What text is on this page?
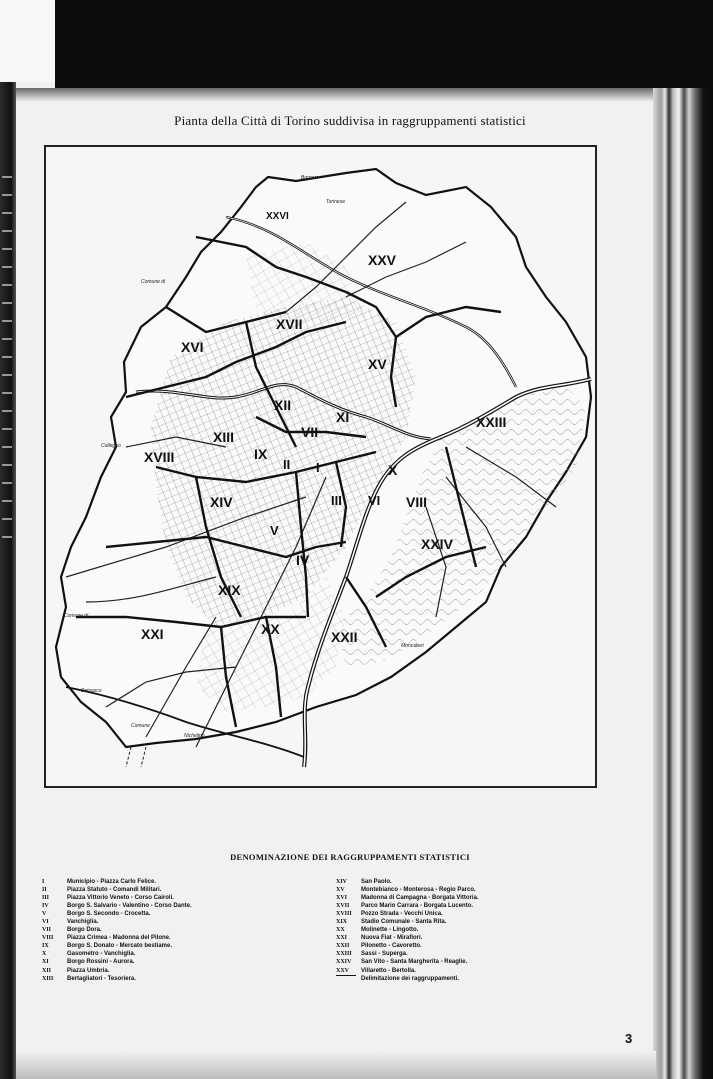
Pianta della Città di Torino suddivisa in raggruppamenti statistici
Borgaro
Torinese
Comune di
Collegno
Comune di
Beinasco
Comune
Nichelino
Moncalieri
XXVI
XXV
XVII
XVI
XV
XII
XI
VII
XIII
IX
II I
XVIII
X
III VI VIII
XXIII
XIV
V
IV
XXIV
XIX
XXI	XX	XXII
DENOMINAZIONE DEI RAGGRUPPAMENTI STATISTICI
I	Municipio - Piazza Carlo Felice.
II	Piazza Statuto - Comandi Militari.
III	Piazza Vittorio Veneto - Corso Cairoli.
IV	Borgo S. Salvario - Valentino - Corso Dante.
V	Borgo S. Secondo - Crocetta.
VI	Vanchiglia.
VII	Borgo Dora.
VIII	Piazza Crimea - Madonna del Pilone.
IX	Borgo S. Donato - Mercato bestiame.
X	Gasometro - Vanchiglia.
XI	Borgo Rossini - Aurora.
XII	Piazza Umbria.
XIII	Bertagliatori - Tesoriera.
XIV	San Paolo.
XV	Montebianco - Monterosa - Regio Parco.
XVI	Madonna di Campagna - Borgata Vittoria.
XVII	Parco Mario Carrara - Borgata Lucento.
XVIII	Pozzo Strada - Vecchi Unica.
XIX	Stadio Comunale - Santa Rita.
XX	Molinette - Lingotto.
XXI	Nuova Fiat - Mirafiori.
XXII	Pilonetto - Cavoretto.
XXIII	Sassi - Superga.
XXIV	San Vito - Santa Margherita - Reaglie.
XXV	Villaretto - Bertolla.
Delimitazione dei raggruppamenti.
3
